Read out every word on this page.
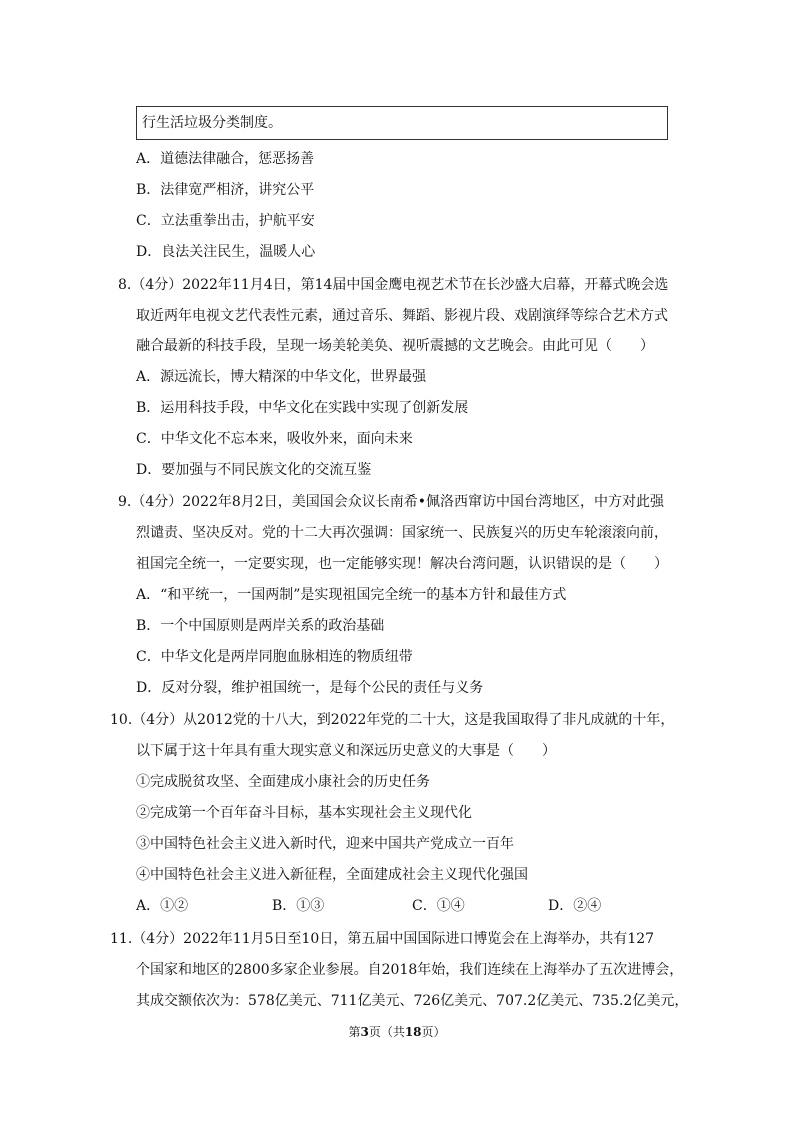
行生活垃圾分类制度。
A．道德法律融合，惩恶扬善
B．法律宽严相济，讲究公平
C．立法重拳出击，护航平安
D．良法关注民生，温暖人心
8.（4分）2022年11月4日，第14届中国金鹰电视艺术节在长沙盛大启幕，开幕式晚会选
取近两年电视文艺代表性元素，通过音乐、舞蹈、影视片段、戏剧演绎等综合艺术方式
融合最新的科技手段，呈现一场美轮美奂、视听震撼的文艺晚会。由此可见（　　）
A．源远流长，博大精深的中华文化，世界最强
B．运用科技手段，中华文化在实践中实现了创新发展
C．中华文化不忘本来，吸收外来，面向未来
D．要加强与不同民族文化的交流互鉴
9.（4分）2022年8月2日，美国国会众议长南希•佩洛西窜访中国台湾地区，中方对此强
烈谴责、坚决反对。党的十二大再次强调：国家统一、民族复兴的历史车轮滚滚向前，
祖国完全统一，一定要实现，也一定能够实现！解决台湾问题，认识错误的是（　　）
A．“和平统一，一国两制”是实现祖国完全统一的基本方针和最佳方式
B．一个中国原则是两岸关系的政治基础
C．中华文化是两岸同胞血脉相连的物质纽带
D．反对分裂，维护祖国统一，是每个公民的责任与义务
10.（4分）从2012党的十八大，到2022年党的二十大，这是我国取得了非凡成就的十年，
以下属于这十年具有重大现实意义和深远历史意义的大事是（　　）
①完成脱贫攻坚、全面建成小康社会的历史任务
②完成第一个百年奋斗目标，基本实现社会主义现代化
③中国特色社会主义进入新时代，迎来中国共产党成立一百年
④中国特色社会主义进入新征程，全面建成社会主义现代化强国
A．①②	B．①③	C．①④	D．②④
11.（4分）2022年11月5日至10日，第五届中国国际进口博览会在上海举办，共有127
个国家和地区的2800多家企业参展。自2018年始，我们连续在上海举办了五次进博会，
其成交额依次为：578亿美元、711亿美元、726亿美元、707.2亿美元、735.2亿美元，
第3页（共18页）
